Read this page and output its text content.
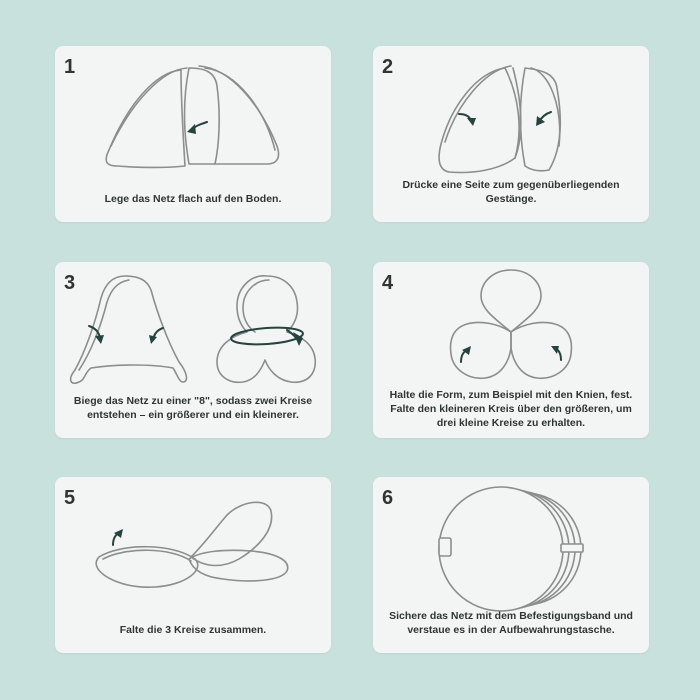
1
Lege das Netz flach auf den Boden.
2
Drücke eine Seite zum gegenüberliegenden
Gestänge.
3
Biege das Netz zu einer "8", sodass zwei Kreise
entstehen – ein größerer und ein kleinerer.
4
Halte die Form, zum Beispiel mit den Knien, fest.
Falte den kleineren Kreis über den größeren, um
drei kleine Kreise zu erhalten.
5
Falte die 3 Kreise zusammen.
6
Sichere das Netz mit dem Befestigungsband und
verstaue es in der Aufbewahrungstasche.
